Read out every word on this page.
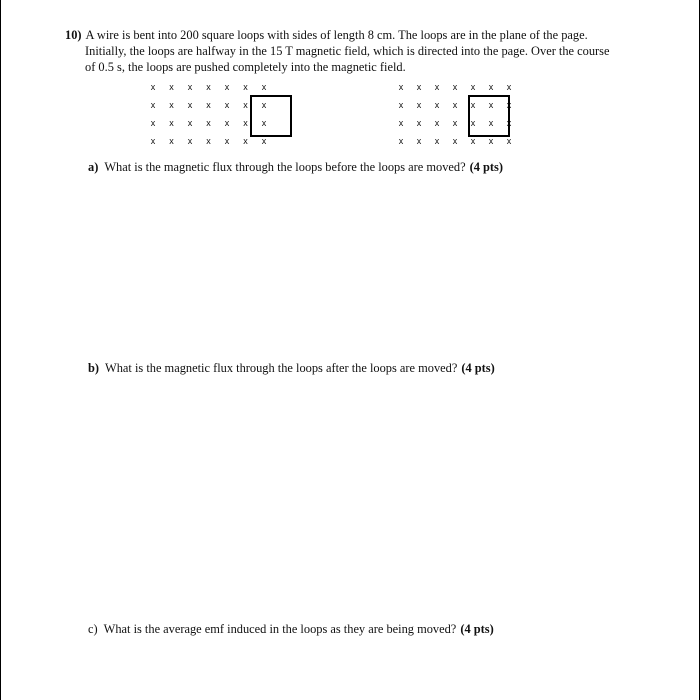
10) A wire is bent into 200 square loops with sides of length 8 cm. The loops are in the plane of the page.
Initially, the loops are halfway in the 15 T magnetic field, which is directed into the page. Over the course
of 0.5 s, the loops are pushed completely into the magnetic field.
x x x x x x x
x x x x x x x
x x x x x x x
x x x x x x x
x x x x x x x
x x x x x x x
x x x x x x x
x x x x x x x
a) What is the magnetic flux through the loops before the loops are moved? (4 pts)
b) What is the magnetic flux through the loops after the loops are moved? (4 pts)
c) What is the average emf induced in the loops as they are being moved? (4 pts)
